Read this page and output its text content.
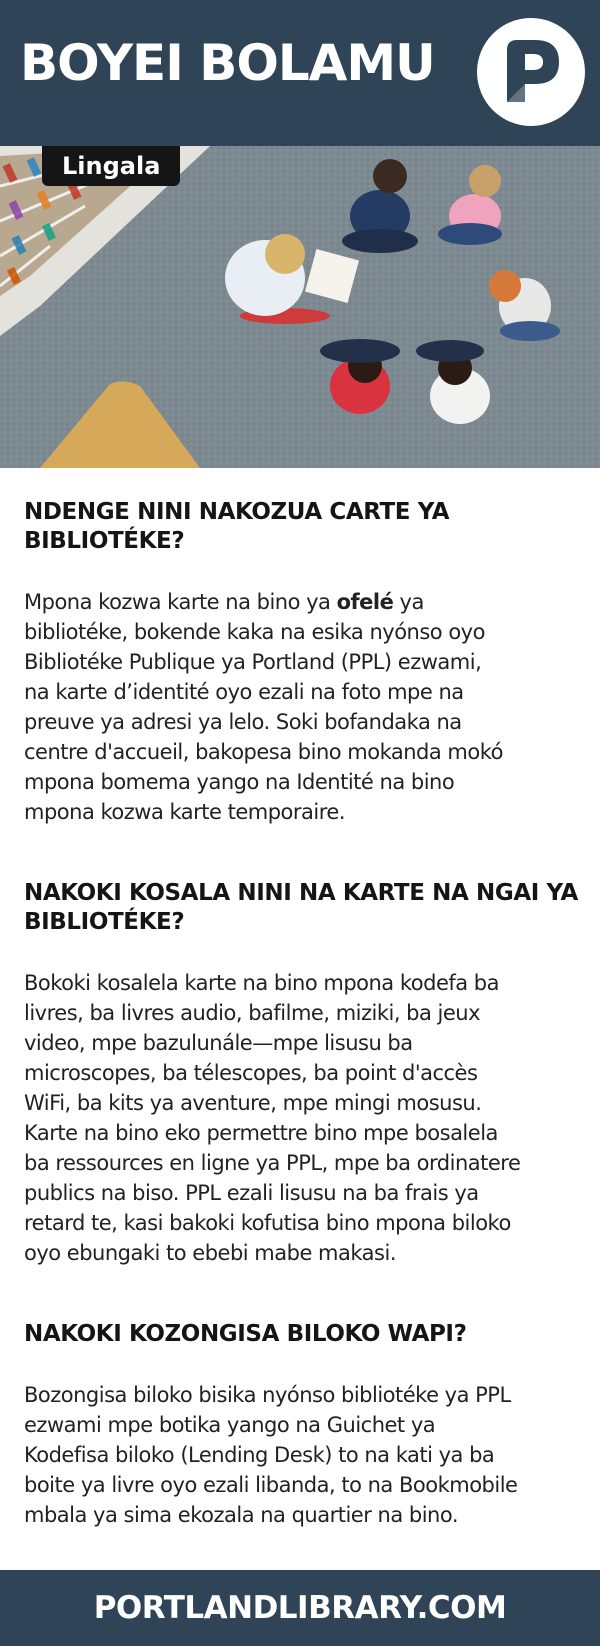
BOYEI BOLAMU
P
Lingala
NDENGE NINI NAKOZUA CARTE YA
BIBLIOTÉKE?

Mpona kozwa karte na bino ya ofelé ya
bibliotéke, bokende kaka na esika nyónso oyo
Bibliotéke Publique ya Portland (PPL) ezwami,
na karte d’identité oyo ezali na foto mpe na
preuve ya adresi ya lelo. Soki bofandaka na
centre d'accueil, bakopesa bino mokanda mokó
mpona bomema yango na Identité na bino
mpona kozwa karte temporaire.

NAKOKI KOSALA NINI NA KARTE NA NGAI YA
BIBLIOTÉKE?

Bokoki kosalela karte na bino mpona kodefa ba
livres, ba livres audio, bafilme, miziki, ba jeux
video, mpe bazulunále—mpe lisusu ba
microscopes, ba télescopes, ba point d'accès
WiFi, ba kits ya aventure, mpe mingi mosusu.
Karte na bino eko permettre bino mpe bosalela
ba ressources en ligne ya PPL, mpe ba ordinatere
publics na biso. PPL ezali lisusu na ba frais ya
retard te, kasi bakoki kofutisa bino mpona biloko
oyo ebungaki to ebebi mabe makasi.

NAKOKI KOZONGISA BILOKO WAPI?

Bozongisa biloko bisika nyónso bibliotéke ya PPL
ezwami mpe botika yango na Guichet ya
Kodefisa biloko (Lending Desk) to na kati ya ba
boite ya livre oyo ezali libanda, to na Bookmobile
mbala ya sima ekozala na quartier na bino.

PORTLANDLIBRARY.COM
